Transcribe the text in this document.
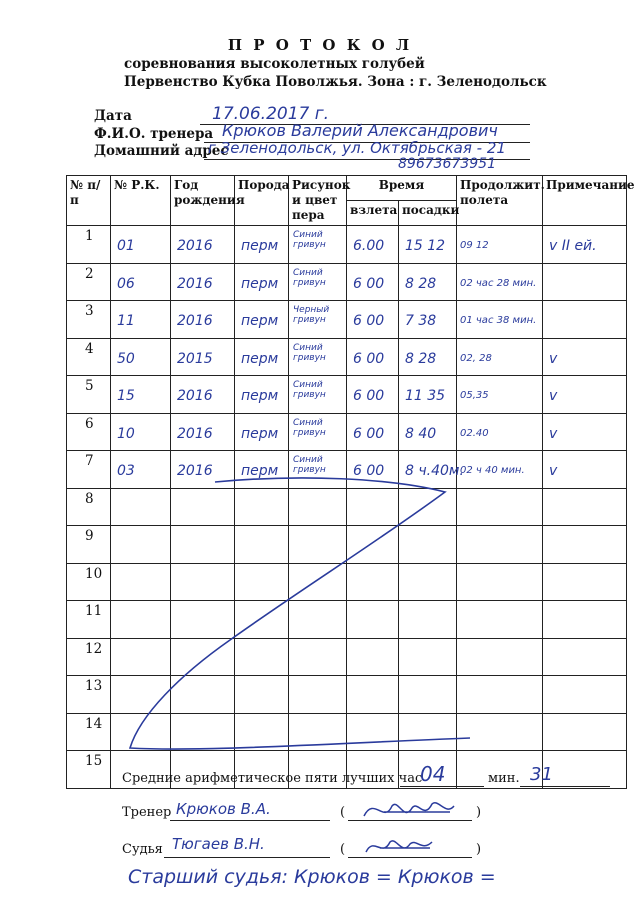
П Р О Т О К О Л
соревнования высоколетных голубей
Первенство Кубка Поволжья. Зона : г. Зеленодольск
Дата	17.06.2017 г.
Ф.И.О. тренера Крюков Валерий Александрович
Домашний адрес
г Зеленодольск, ул. Октябрьская - 21
89673673951
№ п/п	№ Р.К.	Год рождения	Порода	Рисунок и цвет пера	Время		Продолжит. полета	Примечание
					взлета	посадки		
1	01	2016	перм	Синий гривун	6.00	15 12	09 12	v II ей.

2	06	2016	перм	Синий гривун	6 00	8 28	02 час 28 мин.	

3	11	2016	перм	Черный гривун	6 00	7 38	01 час 38 мин.	

4	50	2015	перм	Синий гривун	6 00	8 28	02, 28	v

5	15	2016	перм	Синий гривун	6 00	11 35	05,35	v

6	10	2016	перм	Синий гривун	6 00	8 40	02.40	v

7	03	2016	перм	Синий гривун	6 00	8 ч.40м.	02 ч 40 мин.	v

8	

9	

10	

11	

12	

13	

14	

15	

Средние арифметическое пяти лучших час
04	мин. 31
Тренер Крюков В.А.	(	)
Судья Тюгаев В.Н.	(	)
Старший судья: Крюков = Крюков =
